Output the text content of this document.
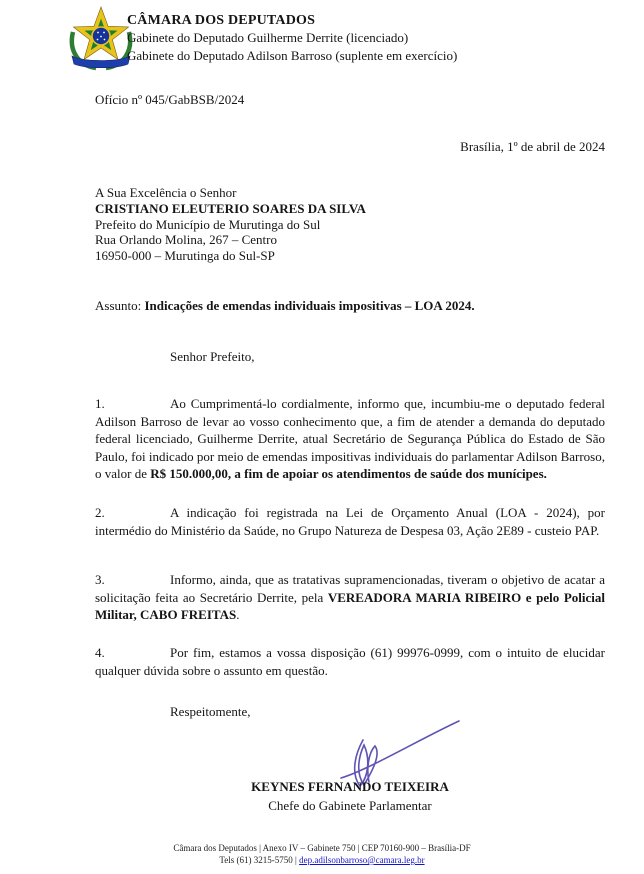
CÂMARA DOS DEPUTADOS
Gabinete do Deputado Guilherme Derrite (licenciado)
Gabinete do Deputado Adilson Barroso (suplente em exercício)
Ofício nº 045/GabBSB/2024
Brasília, 1º de abril de 2024
A Sua Excelência o Senhor
CRISTIANO ELEUTERIO SOARES DA SILVA
Prefeito do Município de Murutinga do Sul
Rua Orlando Molina, 267 – Centro
16950-000 – Murutinga do Sul-SP
Assunto: Indicações de emendas individuais impositivas – LOA 2024.
Senhor Prefeito,

1.	Ao Cumprimentá-lo cordialmente, informo que, incumbiu-me o deputado federal Adilson Barroso de levar ao vosso conhecimento que, a fim de atender a demanda do deputado federal licenciado, Guilherme Derrite, atual Secretário de Segurança Pública do Estado de São Paulo, foi indicado por meio de emendas impositivas individuais do parlamentar Adilson Barroso, o valor de R$ 150.000,00, a fim de apoiar os atendimentos de saúde dos munícipes.

2.	A indicação foi registrada na Lei de Orçamento Anual (LOA - 2024), por intermédio do Ministério da Saúde, no Grupo Natureza de Despesa 03, Ação 2E89 - custeio PAP.

3.	Informo, ainda, que as tratativas supramencionadas, tiveram o objetivo de acatar a solicitação feita ao Secretário Derrite, pela VEREADORA MARIA RIBEIRO e pelo Policial Militar, CABO FREITAS.

4.	Por fim, estamos a vossa disposição (61) 99976-0999, com o intuito de elucidar qualquer dúvida sobre o assunto em questão.

Respeitomente,
KEYNES FERNANDO TEIXEIRA
Chefe do Gabinete Parlamentar
Câmara dos Deputados | Anexo IV – Gabinete 750 | CEP 70160-900 – Brasília-DF
Tels (61) 3215-5750 | dep.adilsonbarroso@camara.leg.br
